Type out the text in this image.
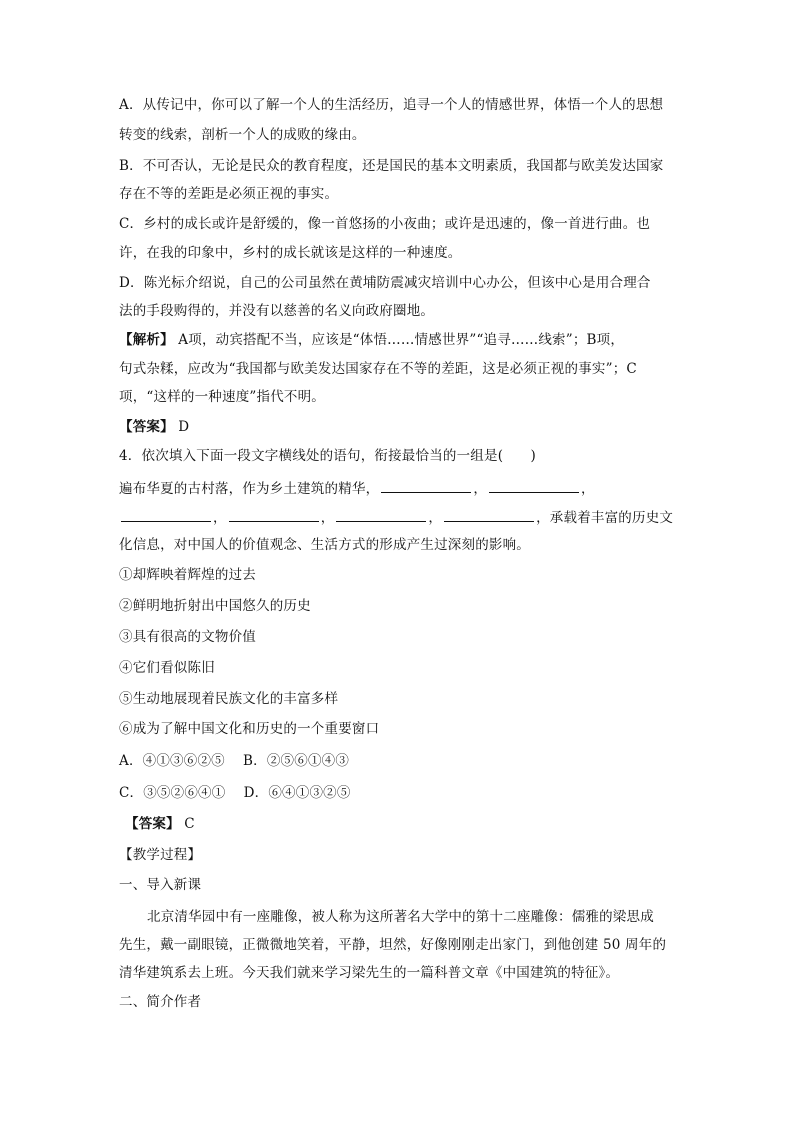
A．从传记中，你可以了解一个人的生活经历，追寻一个人的情感世界，体悟一个人的思想
转变的线索，剖析一个人的成败的缘由。
B．不可否认，无论是民众的教育程度，还是国民的基本文明素质，我国都与欧美发达国家
存在不等的差距是必须正视的事实。
C．乡村的成长或许是舒缓的，像一首悠扬的小夜曲；或许是迅速的，像一首进行曲。也
许，在我的印象中，乡村的成长就该是这样的一种速度。
D．陈光标介绍说，自己的公司虽然在黄埔防震减灾培训中心办公，但该中心是用合理合
法的手段购得的，并没有以慈善的名义向政府圈地。
【解析】 A项，动宾搭配不当，应该是“体悟……情感世界”“追寻……线索”；B项，
句式杂糅，应改为“我国都与欧美发达国家存在不等的差距，这是必须正视的事实”；C
项，“这样的一种速度”指代不明。
【答案】 D
4．依次填入下面一段文字横线处的语句，衔接最恰当的一组是(　　)
遍布华夏的古村落，作为乡土建筑的精华，	，	，
，	，	，	，承载着丰富的历史文
化信息，对中国人的价值观念、生活方式的形成产生过深刻的影响。
①却辉映着辉煌的过去
②鲜明地折射出中国悠久的历史
③具有很高的文物价值
④它们看似陈旧
⑤生动地展现着民族文化的丰富多样
⑥成为了解中国文化和历史的一个重要窗口
A．④①③⑥②⑤　 B．②⑤⑥①④③
C．③⑤②⑥④①　 D．⑥④①③②⑤
【答案】 C
【教学过程】
一、导入新课
北京清华园中有一座雕像，被人称为这所著名大学中的第十二座雕像：儒雅的梁思成
先生，戴一副眼镜，正微微地笑着，平静，坦然，好像刚刚走出家门，到他创建 50 周年的
清华建筑系去上班。今天我们就来学习梁先生的一篇科普文章《中国建筑的特征》。
二、简介作者
